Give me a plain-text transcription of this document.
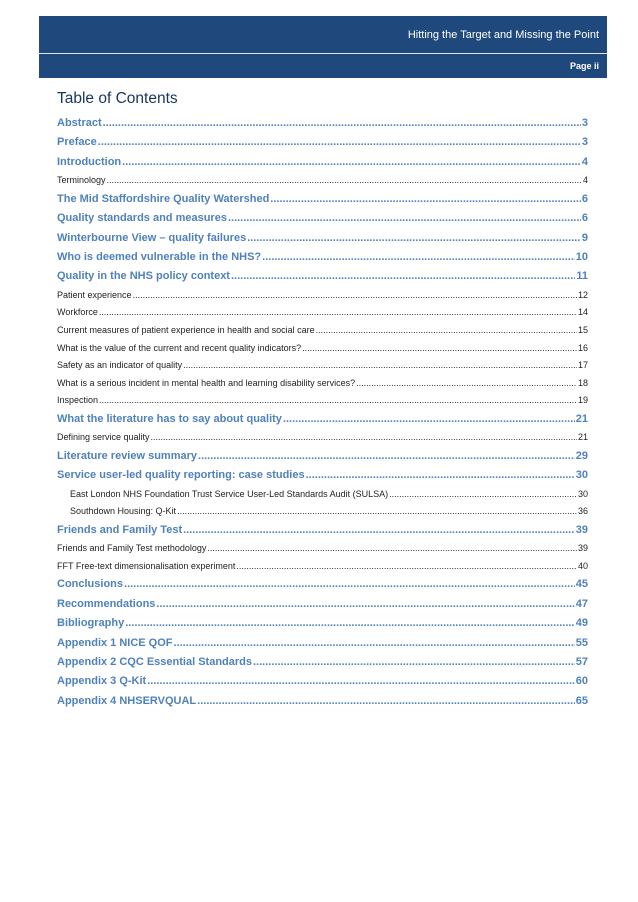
Hitting the Target and Missing the Point
Page ii
Table of Contents
Abstract .....	3
Preface .....	3
Introduction .....	4
Terminology .....	4
The Mid Staffordshire Quality Watershed .....	6
Quality standards and measures .....	6
Winterbourne View – quality failures .....	9
Who is deemed vulnerable in the NHS? .....	10
Quality in the NHS policy context .....	11
Patient experience .....	12
Workforce .....	14
Current measures of patient experience in health and social care .....	15
What is the value of the current and recent quality indicators? .....	16
Safety as an indicator of quality .....	17
What is a serious incident in mental health and learning disability services? .....	18
Inspection .....	19
What the literature has to say about quality .....	21
Defining service quality .....	21
Literature review summary .....	29
Service user-led quality reporting: case studies .....	30
East London NHS Foundation Trust Service User-Led Standards Audit (SULSA) .....	30
Southdown Housing: Q-Kit .....	36
Friends and Family Test .....	39
Friends and Family Test methodology .....	39
FFT Free-text dimensionalisation experiment .....	40
Conclusions .....	45
Recommendations .....	47
Bibliography .....	49
Appendix 1 NICE QOF .....	55
Appendix 2 CQC Essential Standards .....	57
Appendix 3 Q-Kit .....	60
Appendix 4 NHSERVQUAL .....	65
